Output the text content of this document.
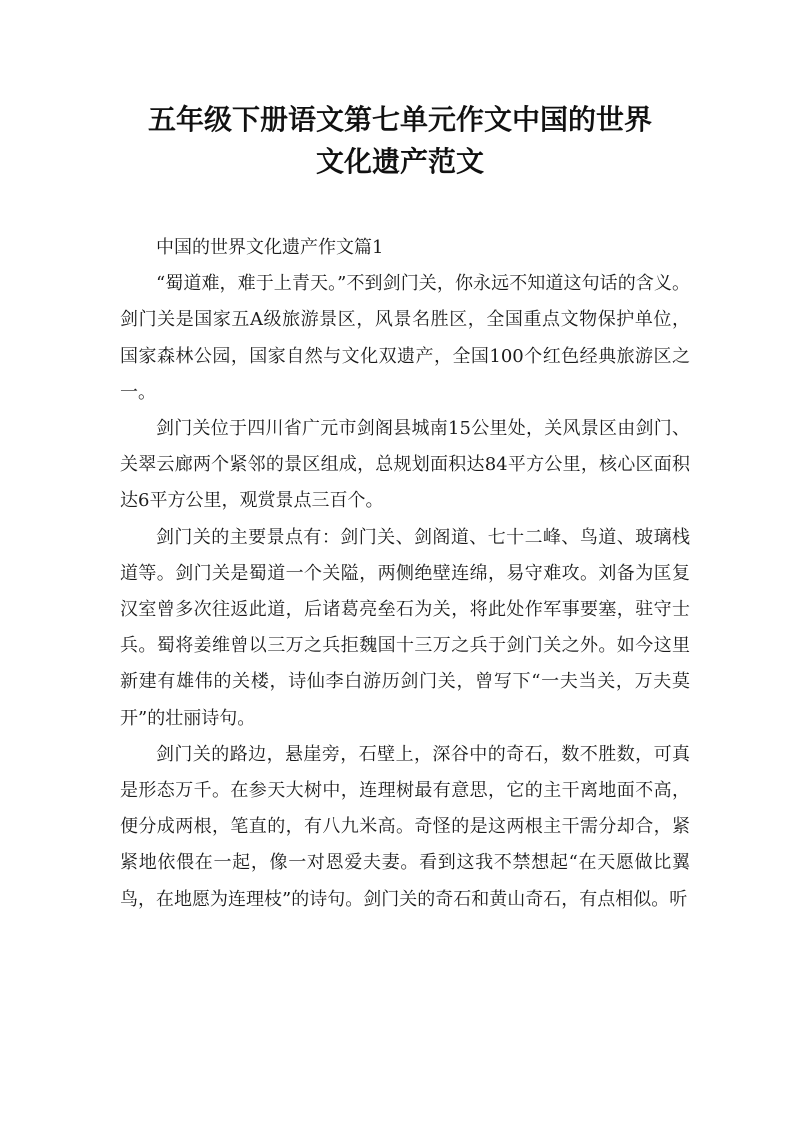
五年级下册语文第七单元作文中国的世界
文化遗产范文

中国的世界文化遗产作文篇1

“蜀道难，难于上青天。”不到剑门关，你永远不知道这句话的含义。剑门关是国家五A级旅游景区，风景名胜区，全国重点文物保护单位，国家森林公园，国家自然与文化双遗产，全国100个红色经典旅游区之一。

剑门关位于四川省广元市剑阁县城南15公里处，关风景区由剑门、关翠云廊两个紧邻的景区组成，总规划面积达84平方公里，核心区面积达6平方公里，观赏景点三百个。

剑门关的主要景点有：剑门关、剑阁道、七十二峰、鸟道、玻璃栈道等。剑门关是蜀道一个关隘，两侧绝壁连绵，易守难攻。刘备为匡复汉室曾多次往返此道，后诸葛亮垒石为关，将此处作军事要塞，驻守士兵。蜀将姜维曾以三万之兵拒魏国十三万之兵于剑门关之外。如今这里新建有雄伟的关楼，诗仙李白游历剑门关，曾写下“一夫当关，万夫莫开”的壮丽诗句。

剑门关的路边，悬崖旁，石壁上，深谷中的奇石，数不胜数，可真是形态万千。在参天大树中，连理树最有意思，它的主干离地面不高，便分成两根，笔直的，有八九米高。奇怪的是这两根主干需分却合，紧紧地依偎在一起，像一对恩爱夫妻。看到这我不禁想起“在天愿做比翼鸟，在地愿为连理枝”的诗句。剑门关的奇石和黄山奇石，有点相似。听
